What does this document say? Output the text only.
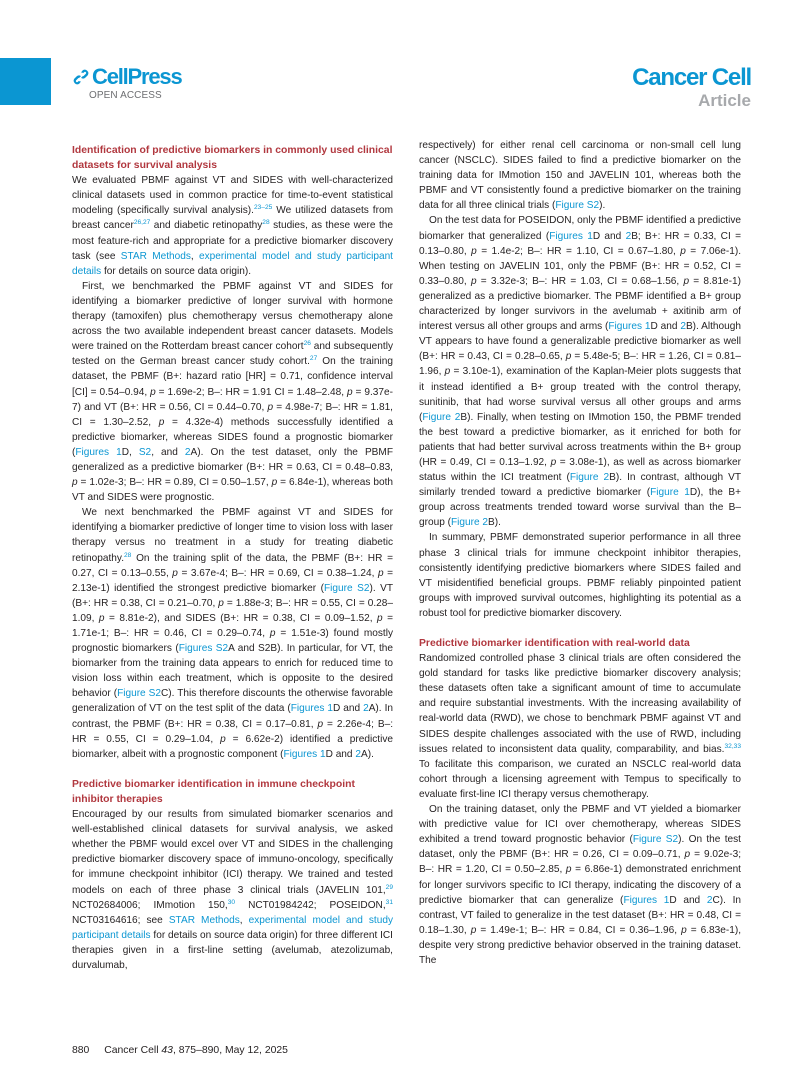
CellPress
OPEN ACCESS
Cancer Cell
Article
Identification of predictive biomarkers in commonly used clinical datasets for survival analysis

We evaluated PBMF against VT and SIDES with well-characterized clinical datasets used in common practice for time-to-event statistical modeling (specifically survival analysis).$^{23-25}$ We utilized datasets from breast cancer$^{26,27}$ and diabetic retinopathy$^{28}$ studies, as these were the most feature-rich and appropriate for a predictive biomarker discovery task (see STAR Methods, experimental model and study participant details for details on source data origin).

First, we benchmarked the PBMF against VT and SIDES for identifying a biomarker predictive of longer survival with hormone therapy (tamoxifen) plus chemotherapy versus chemotherapy alone across the two available independent breast cancer datasets. Models were trained on the Rotterdam breast cancer cohort$^{26}$ and subsequently tested on the German breast cancer study cohort.$^{27}$ On the training dataset, the PBMF (B+: hazard ratio [HR] = 0.71, confidence interval [CI] = 0.54–0.94, p = 1.69e-2; B–: HR = 1.91 CI = 1.48–2.48, p = 9.37e-7) and VT (B+: HR = 0.56, CI = 0.44–0.70, p = 4.98e-7; B–: HR = 1.81, CI = 1.30–2.52, p = 4.32e-4) methods successfully identified a predictive biomarker, whereas SIDES found a prognostic biomarker (Figures 1D, S2, and 2A). On the test dataset, only the PBMF generalized as a predictive biomarker (B+: HR = 0.63, CI = 0.48–0.83, p = 1.02e-3; B–: HR = 0.89, CI = 0.50–1.57, p = 6.84e-1), whereas both VT and SIDES were prognostic.

We next benchmarked the PBMF against VT and SIDES for identifying a biomarker predictive of longer time to vision loss with laser therapy versus no treatment in a study for treating diabetic retinopathy.$^{28}$ On the training split of the data, the PBMF (B+: HR = 0.27, CI = 0.13–0.55, p = 3.67e-4; B–: HR = 0.69, CI = 0.38–1.24, p = 2.13e-1) identified the strongest predictive biomarker (Figure S2). VT (B+: HR = 0.38, CI = 0.21–0.70, p = 1.88e-3; B–: HR = 0.55, CI = 0.28–1.09, p = 8.81e-2), and SIDES (B+: HR = 0.38, CI = 0.09–1.52, p = 1.71e-1; B–: HR = 0.46, CI = 0.29–0.74, p = 1.51e-3) found mostly prognostic biomarkers (Figures S2A and S2B). In particular, for VT, the biomarker from the training data appears to enrich for reduced time to vision loss within each treatment, which is opposite to the desired behavior (Figure S2C). This therefore discounts the otherwise favorable generalization of VT on the test split of the data (Figures 1D and 2A). In contrast, the PBMF (B+: HR = 0.38, CI = 0.17–0.81, p = 2.26e-4; B–: HR = 0.55, CI = 0.29–1.04, p = 6.62e-2) identified a predictive biomarker, albeit with a prognostic component (Figures 1D and 2A).

Predictive biomarker identification in immune checkpoint inhibitor therapies

Encouraged by our results from simulated biomarker scenarios and well-established clinical datasets for survival analysis, we asked whether the PBMF would excel over VT and SIDES in the challenging predictive biomarker discovery space of immuno-oncology, specifically for immune checkpoint inhibitor (ICI) therapy. We trained and tested models on each of three phase 3 clinical trials (JAVELIN 101,29 NCT02684006; IMmotion 150,30 NCT01984242; POSEIDON,$^{31}$ NCT03164616; see STAR Methods, experimental model and study participant details for details on source data origin) for three different ICI therapies given in a first-line setting (avelumab, atezolizumab, durvalumab,

respectively) for either renal cell carcinoma or non-small cell lung cancer (NSCLC). SIDES failed to find a predictive biomarker on the training data for IMmotion 150 and JAVELIN 101, whereas both the PBMF and VT consistently found a predictive biomarker on the training data for all three clinical trials (Figure S2).

On the test data for POSEIDON, only the PBMF identified a predictive biomarker that generalized (Figures 1D and 2B; B+: HR = 0.33, CI = 0.13–0.80, p = 1.4e-2; B–: HR = 1.10, CI = 0.67–1.80, p = 7.06e-1). When testing on JAVELIN 101, only the PBMF (B+: HR = 0.52, CI = 0.33–0.80, p = 3.32e-3; B–: HR = 1.03, CI = 0.68–1.56, p = 8.81e-1) generalized as a predictive biomarker. The PBMF identified a B+ group characterized by longer survivors in the avelumab + axitinib arm of interest versus all other groups and arms (Figures 1D and 2B). Although VT appears to have found a generalizable predictive biomarker as well (B+: HR = 0.43, CI = 0.28–0.65, p = 5.48e-5; B–: HR = 1.26, CI = 0.81–1.96, p = 3.10e-1), examination of the Kaplan-Meier plots suggests that it instead identified a B+ group treated with the control therapy, sunitinib, that had worse survival versus all other groups and arms (Figure 2B). Finally, when testing on IMmotion 150, the PBMF trended the best toward a predictive biomarker, as it enriched for both for patients that had better survival across treatments within the B+ group (HR = 0.49, CI = 0.13–1.92, p = 3.08e-1), as well as across biomarker status within the ICI treatment (Figure 2B). In contrast, although VT similarly trended toward a predictive biomarker (Figure 1D), the B+ group across treatments trended toward worse survival than the B– group (Figure 2B).

In summary, PBMF demonstrated superior performance in all three phase 3 clinical trials for immune checkpoint inhibitor therapies, consistently identifying predictive biomarkers where SIDES failed and VT misidentified beneficial groups. PBMF reliably pinpointed patient groups with improved survival outcomes, highlighting its potential as a robust tool for predictive biomarker discovery.

Predictive biomarker identification with real-world data

Randomized controlled phase 3 clinical trials are often considered the gold standard for tasks like predictive biomarker discovery analysis; these datasets often take a significant amount of time to accumulate and require substantial investments. With the increasing availability of real-world data (RWD), we chose to benchmark PBMF against VT and SIDES despite challenges associated with the use of RWD, including issues related to inconsistent data quality, comparability, and bias.$^{32,33}$ To facilitate this comparison, we curated an NSCLC real-world data cohort through a licensing agreement with Tempus to specifically to evaluate first-line ICI therapy versus chemotherapy.

On the training dataset, only the PBMF and VT yielded a biomarker with predictive value for ICI over chemotherapy, whereas SIDES exhibited a trend toward prognostic behavior (Figure S2). On the test dataset, only the PBMF (B+: HR = 0.26, CI = 0.09–0.71, p = 9.02e-3; B–: HR = 1.20, CI = 0.50–2.85, p = 6.86e-1) demonstrated enrichment for longer survivors specific to ICI therapy, indicating the discovery of a predictive biomarker that can generalize (Figures 1D and 2C). In contrast, VT failed to generalize in the test dataset (B+: HR = 0.48, CI = 0.18–1.30, p = 1.49e-1; B–: HR = 0.84, CI = 0.36–1.96, p = 6.83e-1), despite very strong predictive behavior observed in the training dataset. The

880 Cancer Cell 43, 875–890, May 12, 2025
